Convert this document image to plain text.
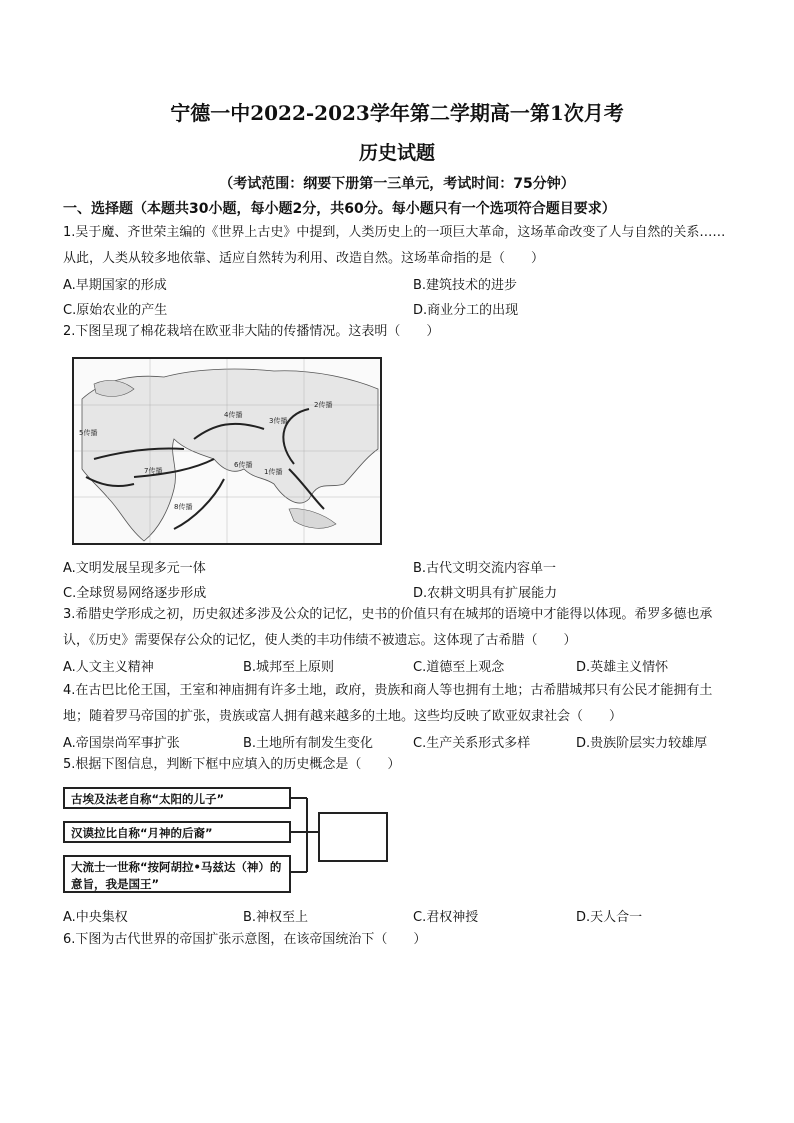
宁德一中2022-2023学年第二学期高一第1次月考
历史试题
（考试范围：纲要下册第一三单元，考试时间：75分钟）
一、选择题（本题共30小题，每小题2分，共60分。每小题只有一个选项符合题目要求）

1.吴于魔、齐世荣主编的《世界上古史》中提到，人类历史上的一项巨大革命，这场革命改变了人与自然的关系……从此，人类从较多地依靠、适应自然转为利用、改造自然。这场革命指的是（　　）

A.早期国家的形成	B.建筑技术的进步
C.原始农业的产生	D.商业分工的出现

2.下图呈现了棉花栽培在欧亚非大陆的传播情况。这表明（　　）

2传播
3传播
4传播
5传播
6传播
7传播
8传播
1传播
A.文明发展呈现多元一体	B.古代文明交流内容单一
C.全球贸易网络逐步形成	D.农耕文明具有扩展能力

3.希腊史学形成之初，历史叙述多涉及公众的记忆，史书的价值只有在城邦的语境中才能得以体现。希罗多德也承认，《历史》需要保存公众的记忆，使人类的丰功伟绩不被遗忘。这体现了古希腊（　　）

A.人文主义精神	B.城邦至上原则	C.道德至上观念	D.英雄主义情怀

4.在古巴比伦王国，王室和神庙拥有许多土地，政府，贵族和商人等也拥有土地；古希腊城邦只有公民才能拥有土地；随着罗马帝国的扩张，贵族或富人拥有越来越多的土地。这些均反映了欧亚奴隶社会（　　）

A.帝国崇尚军事扩张	B.土地所有制发生变化	C.生产关系形式多样	D.贵族阶层实力较雄厚

5.根据下图信息，判断下框中应填入的历史概念是（　　）

古埃及法老自称“太阳的儿子”
汉谟拉比自称“月神的后裔”
大流士一世称“按阿胡拉•马兹达（神）的意旨，我是国王”
A.中央集权	B.神权至上	C.君权神授	D.天人合一

6.下图为古代世界的帝国扩张示意图，在该帝国统治下（　　）
